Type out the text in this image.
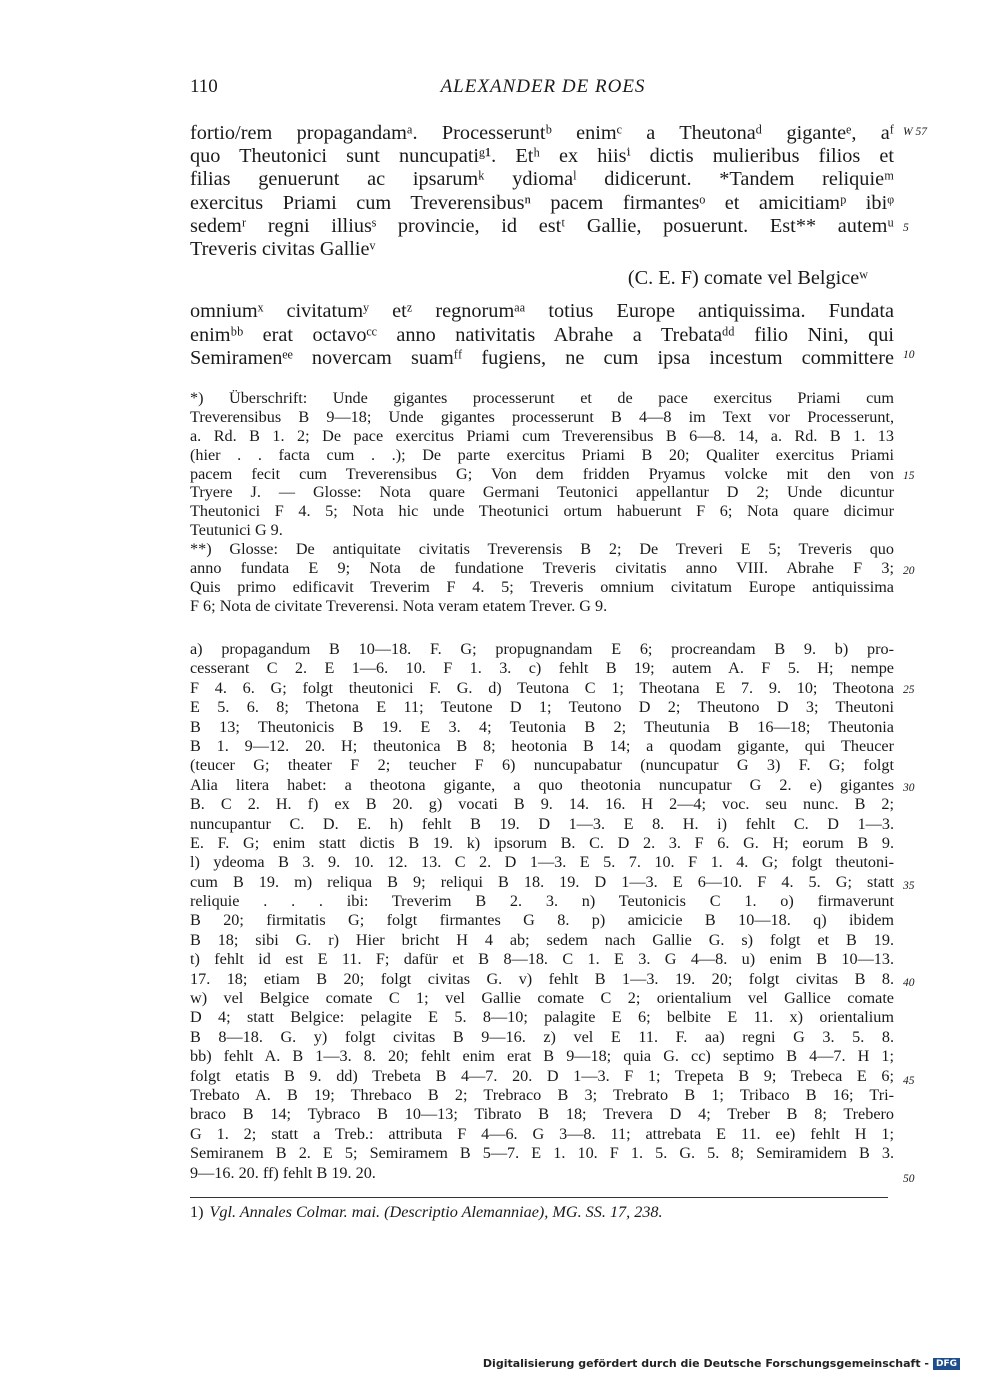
110	ALEXANDER DE ROES
fortio/rem propagandamᵃ. Processeruntᵇ enimᶜ a Theutonaᵈ giganteᵉ, aᶠ
quo Theutonici sunt nuncupatiᵍ¹. Etʰ ex hiisⁱ dictis mulieribus filios et
filias genuerunt ac ipsarumᵏ ydiomaˡ didicerunt. *Tandem reliquieᵐ
exercitus Priami cum Treverensibusⁿ pacem firmantesᵒ et amicitiamᵖ ibiᵠ
sedemʳ regni illiusˢ provincie, id estᵗ Gallie, posuerunt. Est** autemᵘ
Treveris civitas Gallieᵛ
(C. E. F) comate vel Belgiceʷ
omniumˣ civitatumʸ etᶻ regnorumᵃᵃ totius Europe antiquissima. Fundata
enimᵇᵇ erat octavoᶜᶜ anno nativitatis Abrahe a Trebataᵈᵈ filio Nini, qui
Semiramenᵉᵉ novercam suamᶠᶠ fugiens, ne cum ipsa incestum committere
*) Überschrift: Unde gigantes processerunt et de pace exercitus Priami cum
Treverensibus B 9—18; Unde gigantes processerunt B 4—8 im Text vor Processerunt,
a. Rd. B 1. 2; De pace exercitus Priami cum Treverensibus B 6—8. 14, a. Rd. B 1. 13
(hier . . facta cum . .); De parte exercitus Priami B 20; Qualiter exercitus Priami
pacem fecit cum Treverensibus G; Von dem fridden Pryamus volcke mit den von
Tryere J. — Glosse: Nota quare Germani Teutonici appellantur D 2; Unde dicuntur
Theutonici F 4. 5; Nota hic unde Theotunici ortum habuerunt F 6; Nota quare dicimur
Teutunici G 9.
**) Glosse: De antiquitate civitatis Treverensis B 2; De Treveri E 5; Treveris quo
anno fundata E 9; Nota de fundatione Treveris civitatis anno VIII. Abrahe F 3;
Quis primo edificavit Treverim F 4. 5; Treveris omnium civitatum Europe antiquissima
F 6; Nota de civitate Treverensi. Nota veram etatem Trever. G 9.
a) propagandum B 10—18. F. G; propugnandam E 6; procreandam B 9. b) pro-
cesserant C 2. E 1—6. 10. F 1. 3. c) fehlt B 19; autem A. F 5. H; nempe
F 4. 6. G; folgt theutonici F. G. d) Teutona C 1; Theotana E 7. 9. 10; Theotona
E 5. 6. 8; Thetona E 11; Teutone D 1; Teutono D 2; Theutono D 3; Theutoni
B 13; Theutonicis B 19. E 3. 4; Teutonia B 2; Theutunia B 16—18; Theutonia
B 1. 9—12. 20. H; theutonica B 8; heotonia B 14; a quodam gigante, qui Theucer
(teucer G; theater F 2; teucher F 6) nuncupabatur (nuncupatur G 3) F. G; folgt
Alia litera habet: a theotona gigante, a quo theotonia nuncupatur G 2. e) gigantes
B. C 2. H. f) ex B 20. g) vocati B 9. 14. 16. H 2—4; voc. seu nunc. B 2;
nuncupantur C. D. E. h) fehlt B 19. D 1—3. E 8. H. i) fehlt C. D 1—3.
E. F. G; enim statt dictis B 19. k) ipsorum B. C. D 2. 3. F 6. G. H; eorum B 9.
l) ydeoma B 3. 9. 10. 12. 13. C 2. D 1—3. E 5. 7. 10. F 1. 4. G; folgt theutoni-
cum B 19. m) reliqua B 9; reliqui B 18. 19. D 1—3. E 6—10. F 4. 5. G; statt
reliquie . . . ibi: Treverim B 2. 3. n) Teutonicis C 1. o) firmaverunt
B 20; firmitatis G; folgt firmantes G 8. p) amicicie B 10—18. q) ibidem
B 18; sibi G. r) Hier bricht H 4 ab; sedem nach Gallie G. s) folgt et B 19.
t) fehlt id est E 11. F; dafür et B 8—18. C 1. E 3. G 4—8. u) enim B 10—13.
17. 18; etiam B 20; folgt civitas G. v) fehlt B 1—3. 19. 20; folgt civitas B 8.
w) vel Belgice comate C 1; vel Gallie comate C 2; orientalium vel Gallice comate
D 4; statt Belgice: pelagite E 5. 8—10; palagite E 6; belbite E 11. x) orientalium
B 8—18. G. y) folgt civitas B 9—16. z) vel E 11. F. aa) regni G 3. 5. 8.
bb) fehlt A. B 1—3. 8. 20; fehlt enim erat B 9—18; quia G. cc) septimo B 4—7. H 1;
folgt etatis B 9. dd) Trebeta B 4—7. 20. D 1—3. F 1; Trepeta B 9; Trebeca E 6;
Trebato A. B 19; Threbaco B 2; Trebraco B 3; Trebrato B 1; Tribaco B 16; Tri-
braco B 14; Tybraco B 10—13; Tibrato B 18; Trevera D 4; Treber B 8; Trebero
G 1. 2; statt a Treb.: attributa F 4—6. G 3—8. 11; attrebata E 11. ee) fehlt H 1;
Semiranem B 2. E 5; Semiramem B 5—7. E 1. 10. F 1. 5. G. 5. 8; Semiramidem B 3.
9—16. 20. ff) fehlt B 19. 20.
W 57
5
10
15
20
25
30
35
40
45
50
1) Vgl. Annales Colmar. mai. (Descriptio Alemanniae), MG. SS. 17, 238.
Digitalisierung gefördert durch die Deutsche Forschungsgemeinschaft - DFG
